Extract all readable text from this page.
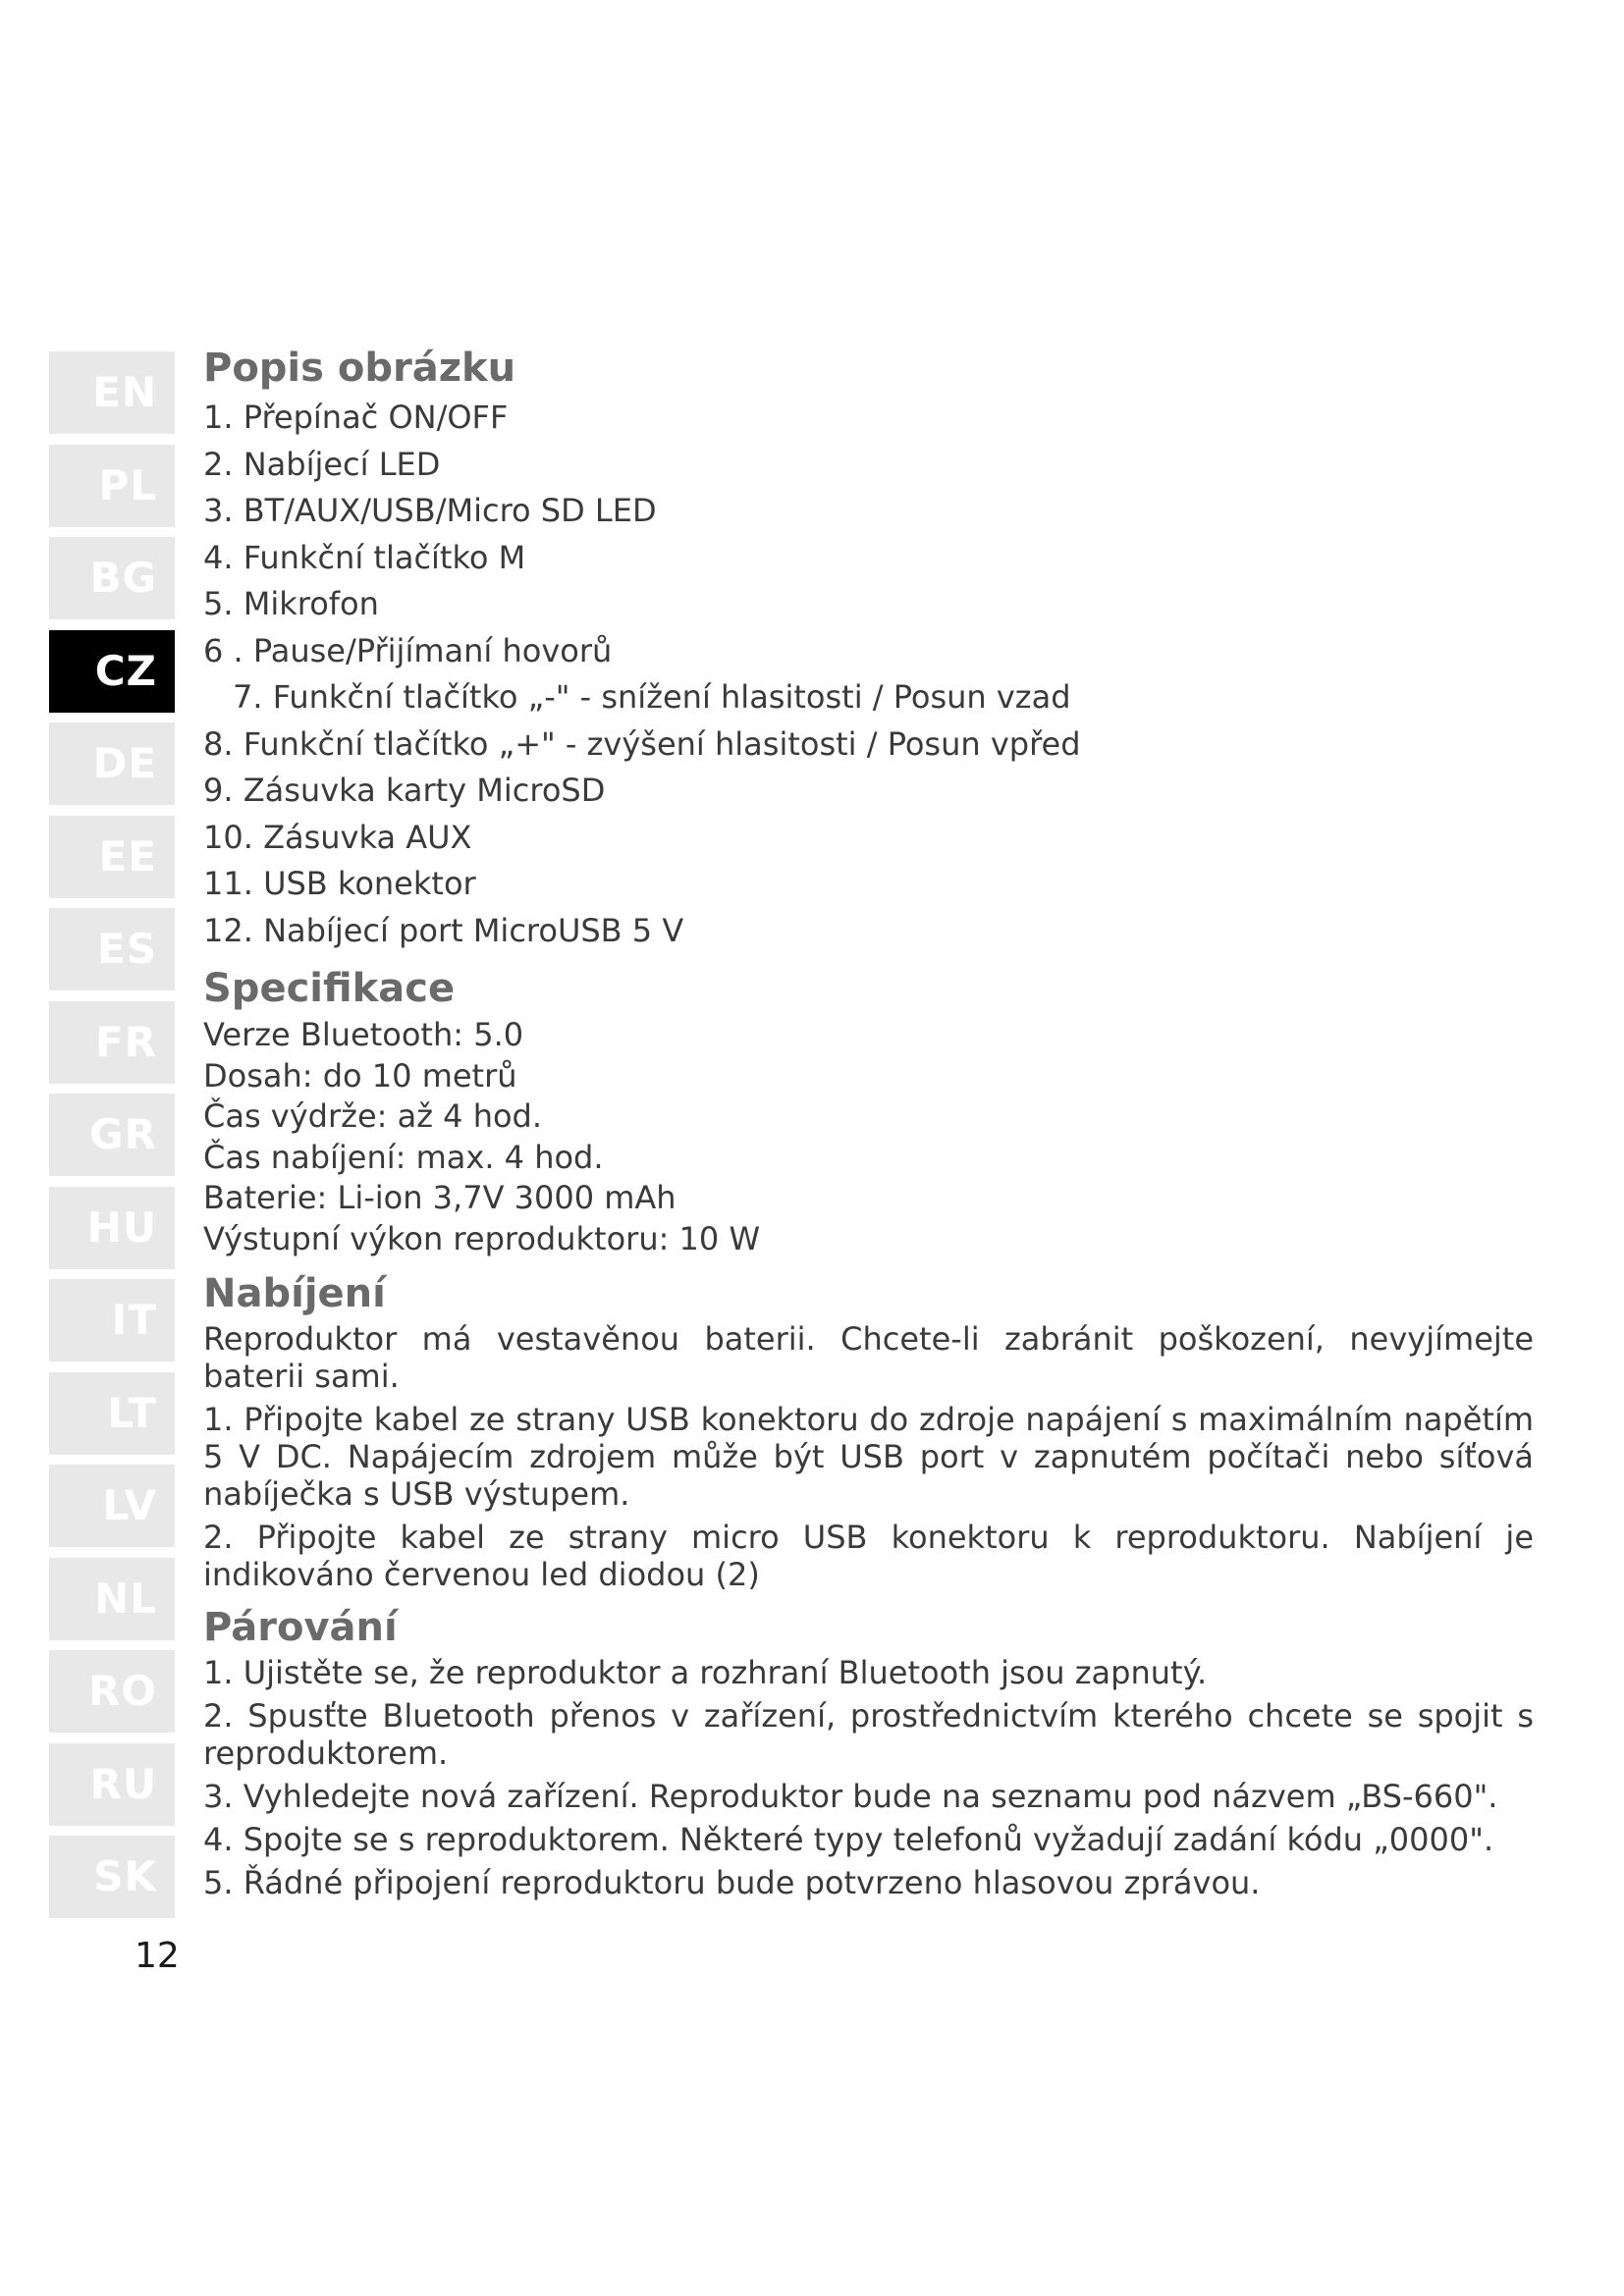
EN
PL
BG
CZ
DE
EE
ES
FR
GR
HU
IT
LT
LV
NL
RO
RU
SK
12
Popis obrázku

1. Přepínač ON/OFF

2. Nabíjecí LED

3. BT/AUX/USB/Micro SD LED

4. Funkční tlačítko M

5. Mikrofon

6 . Pause/Přijímaní hovorů

7. Funkční tlačítko „-" - snížení hlasitosti / Posun vzad

8. Funkční tlačítko „+" - zvýšení hlasitosti / Posun vpřed

9. Zásuvka karty MicroSD

10. Zásuvka AUX

11. USB konektor

12. Nabíjecí port MicroUSB 5 V

Specifikace

Verze Bluetooth: 5.0

Dosah: do 10 metrů

Čas výdrže: až 4 hod.

Čas nabíjení: max. 4 hod.

Baterie: Li-ion 3,7V 3000 mAh

Výstupní výkon reproduktoru: 10 W

Nabíjení

Reproduktor má vestavěnou baterii. Chcete-li zabránit poškození, nevyjímejte baterii sami.

1. Připojte kabel ze strany USB konektoru do zdroje napájení s maximálním napětím 5 V DC. Napájecím zdrojem může být USB port v zapnutém počítači nebo síťová nabíječka s USB výstupem.

2. Připojte kabel ze strany micro USB konektoru k reproduktoru. Nabíjení je indikováno červenou led diodou (2)

Párování

1. Ujistěte se, že reproduktor a rozhraní Bluetooth jsou zapnutý.

2. Spusťte Bluetooth přenos v zařízení, prostřednictvím kterého chcete se spojit s reproduktorem.

3. Vyhledejte nová zařízení. Reproduktor bude na seznamu pod názvem „BS-660".

4. Spojte se s reproduktorem. Některé typy telefonů vyžadují zadání kódu „0000".

5. Řádné připojení reproduktoru bude potvrzeno hlasovou zprávou.
